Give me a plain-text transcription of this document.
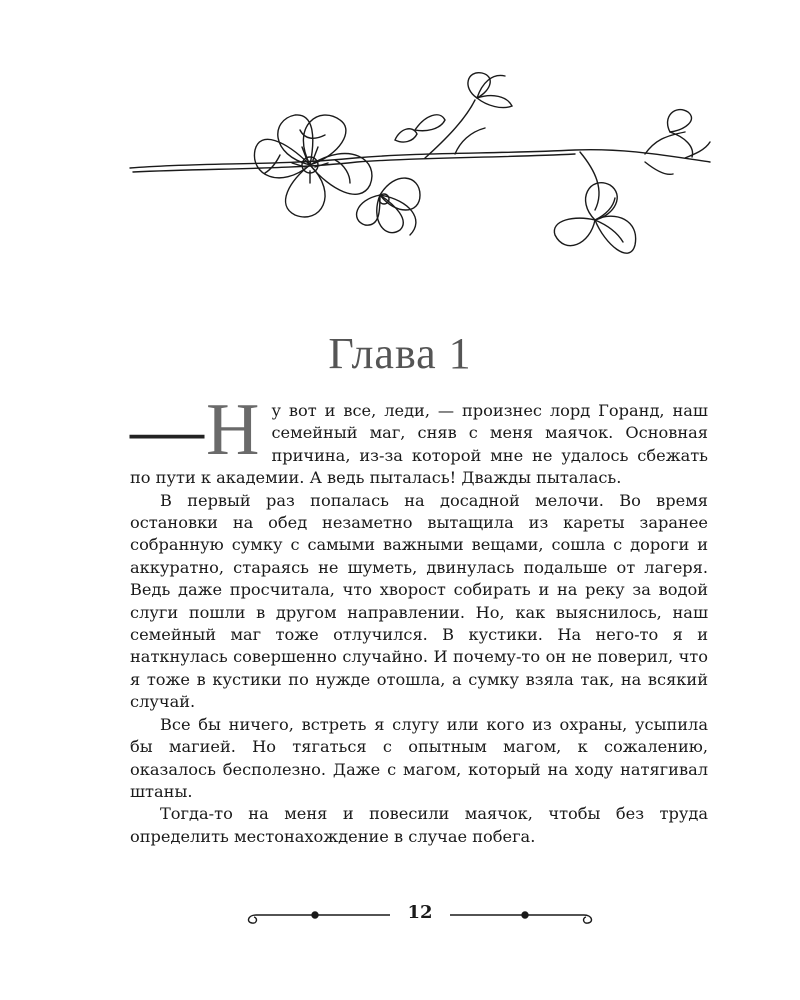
Глава 1

— Н у вот и все, леди, — произнес лорд Горанд, наш семейный маг, сняв с меня маячок. Основная причина, из-за которой мне не удалось сбежать по пути к академии. А ведь пыталась! Дважды пыталась.

В первый раз попалась на досадной мелочи. Во время остановки на обед незаметно вытащила из кареты заранее собранную сумку с самыми важными вещами, сошла с дороги и аккуратно, стараясь не шуметь, двинулась подальше от лагеря. Ведь даже просчитала, что хворост собирать и на реку за водой слуги пошли в другом направлении. Но, как выяснилось, наш семейный маг тоже отлучился. В кустики. На него-то я и наткнулась совершенно случайно. И почему-то он не поверил, что я тоже в кустики по нужде отошла, а сумку взяла так, на всякий случай.

Все бы ничего, встреть я слугу или кого из охраны, усыпила бы магией. Но тягаться с опытным магом, к сожалению, оказалось бесполезно. Даже с магом, который на ходу натягивал штаны.

Тогда-то на меня и повесили маячок, чтобы без труда определить местонахождение в случае побега.

12
